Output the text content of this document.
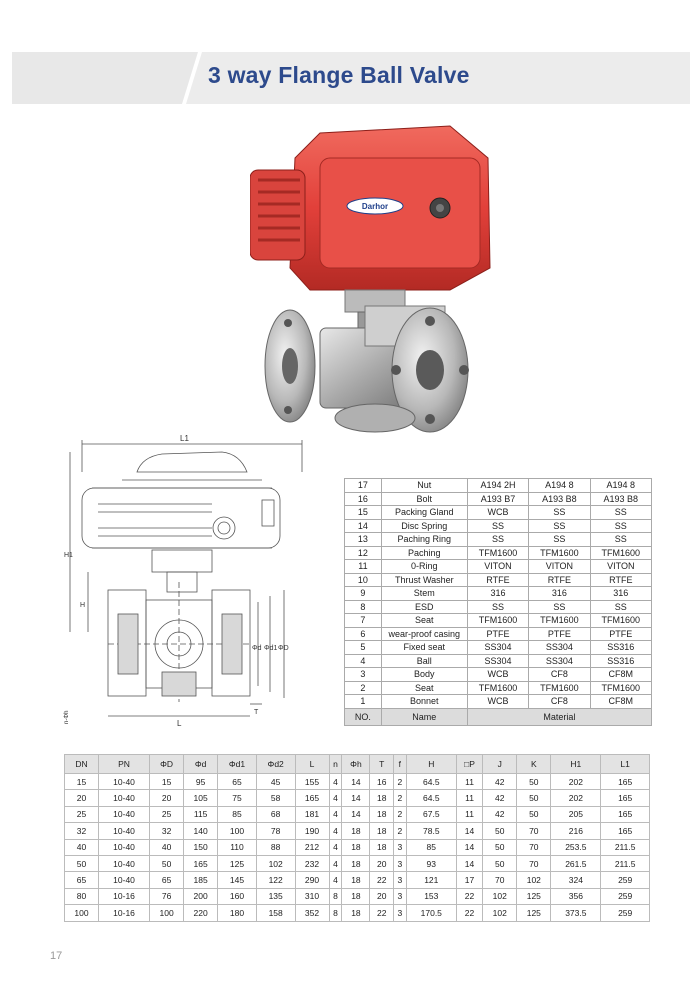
3 way Flange Ball Valve
Darhor
L1
H1
H
Φd Φd1 ΦD
L
T
n-Φh
17	Nut	A194 2H	A194 8	A194 8
16	Bolt	A193 B7	A193 B8	A193 B8
15	Packing Gland	WCB	SS	SS
14	Disc Spring	SS	SS	SS
13	Paching Ring	SS	SS	SS
12	Paching	TFM1600	TFM1600	TFM1600
11	0-Ring	VITON	VITON	VITON
10	Thrust Washer	RTFE	RTFE	RTFE
9	Stem	316	316	316
8	ESD	SS	SS	SS
7	Seat	TFM1600	TFM1600	TFM1600
6	wear-proof casing	PTFE	PTFE	PTFE
5	Fixed seat	SS304	SS304	SS316
4	Ball	SS304	SS304	SS316
3	Body	WCB	CF8	CF8M
2	Seat	TFM1600	TFM1600	TFM1600
1	Bonnet	WCB	CF8	CF8M
NO.	Name	Material		
DN	PN	ΦD	Φd	Φd1	Φd2	L	n	Φh	T	f	H	□P	J	K	H1	L1
15	10-40	15	95	65	45	155	4	14	16	2	64.5	11	42	50	202	165
20	10-40	20	105	75	58	165	4	14	18	2	64.5	11	42	50	202	165
25	10-40	25	115	85	68	181	4	14	18	2	67.5	11	42	50	205	165
32	10-40	32	140	100	78	190	4	18	18	2	78.5	14	50	70	216	165
40	10-40	40	150	110	88	212	4	18	18	3	85	14	50	70	253.5	211.5
50	10-40	50	165	125	102	232	4	18	20	3	93	14	50	70	261.5	211.5
65	10-40	65	185	145	122	290	4	18	22	3	121	17	70	102	324	259
80	10-16	76	200	160	135	310	8	18	20	3	153	22	102	125	356	259
100	10-16	100	220	180	158	352	8	18	22	3	170.5	22	102	125	373.5	259
17
